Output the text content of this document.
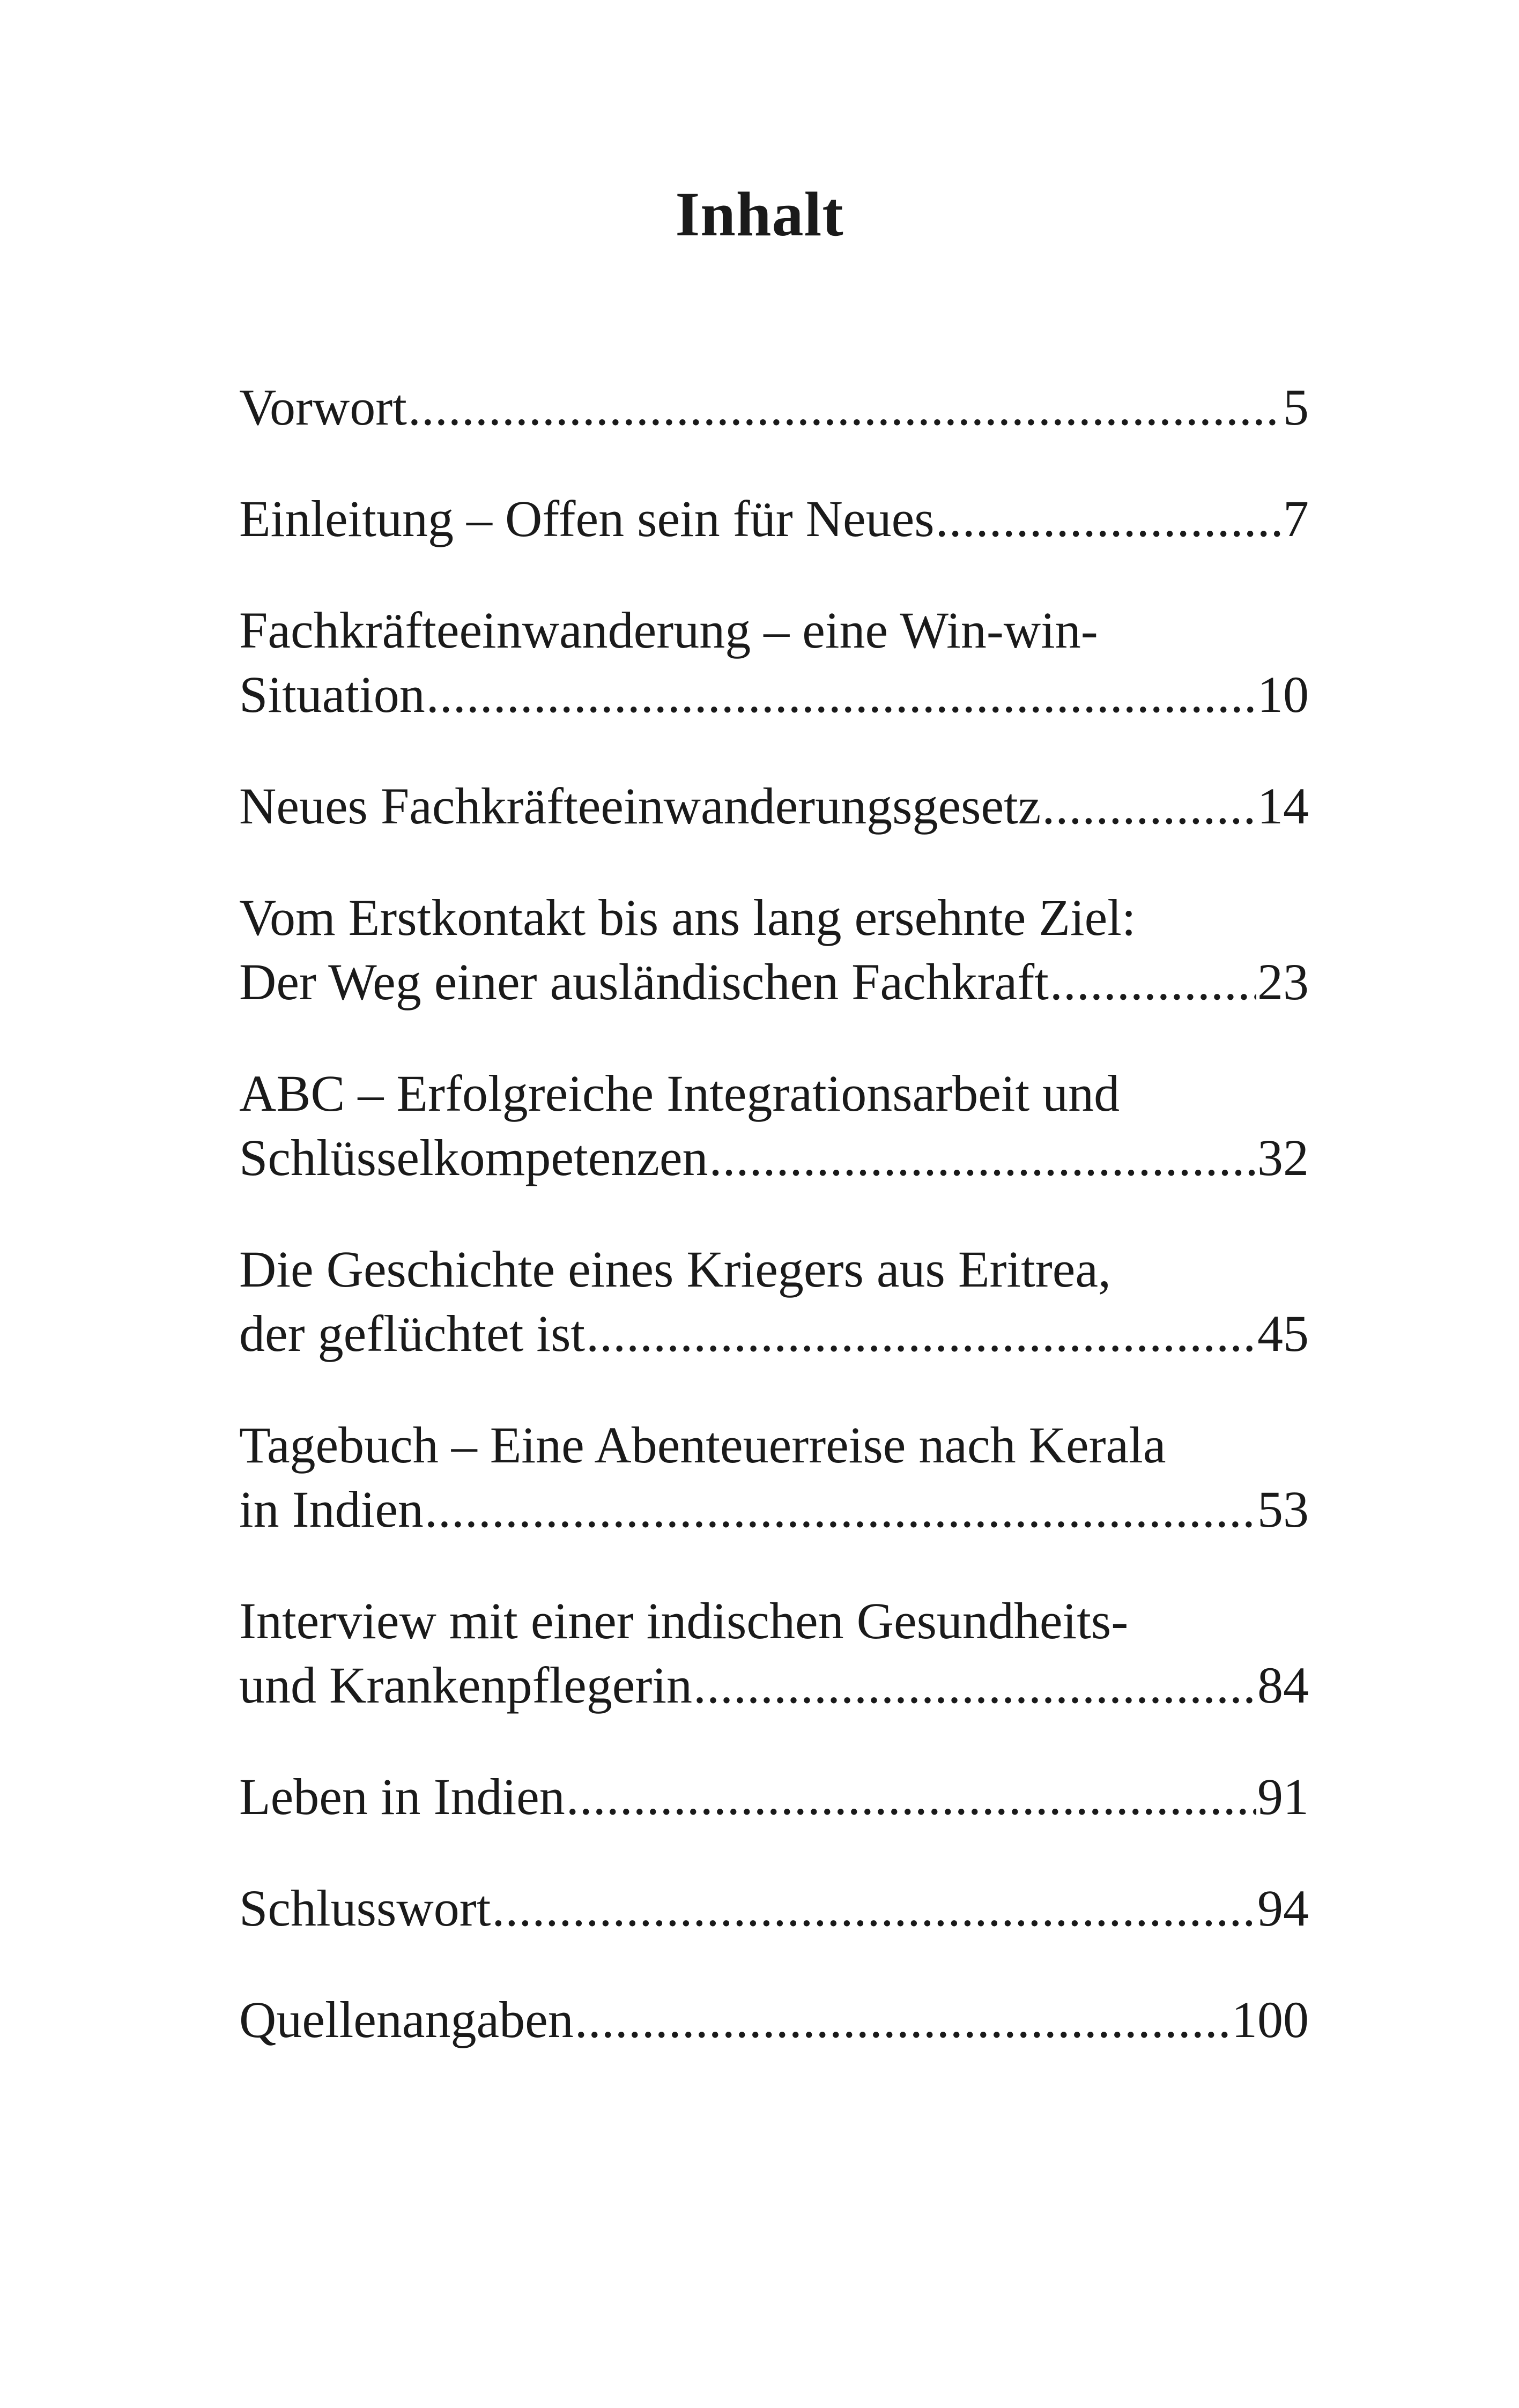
Inhalt
Vorwort .....	5
Einleitung – Offen sein für Neues .....	7
Fachkräfteeinwanderung – eine Win-win-
Situation .....	10
Neues Fachkräfteeinwanderungsgesetz .....	14
Vom Erstkontakt bis ans lang ersehnte Ziel:
Der Weg einer ausländischen Fachkraft .....	23
ABC – Erfolgreiche Integrationsarbeit und
Schlüsselkompetenzen .....	32
Die Geschichte eines Kriegers aus Eritrea,
der geflüchtet ist .....	45
Tagebuch – Eine Abenteuerreise nach Kerala
in Indien .....	53
Interview mit einer indischen Gesundheits-
und Krankenpflegerin .....	84
Leben in Indien .....	91
Schlusswort .....	94
Quellenangaben .....	100
